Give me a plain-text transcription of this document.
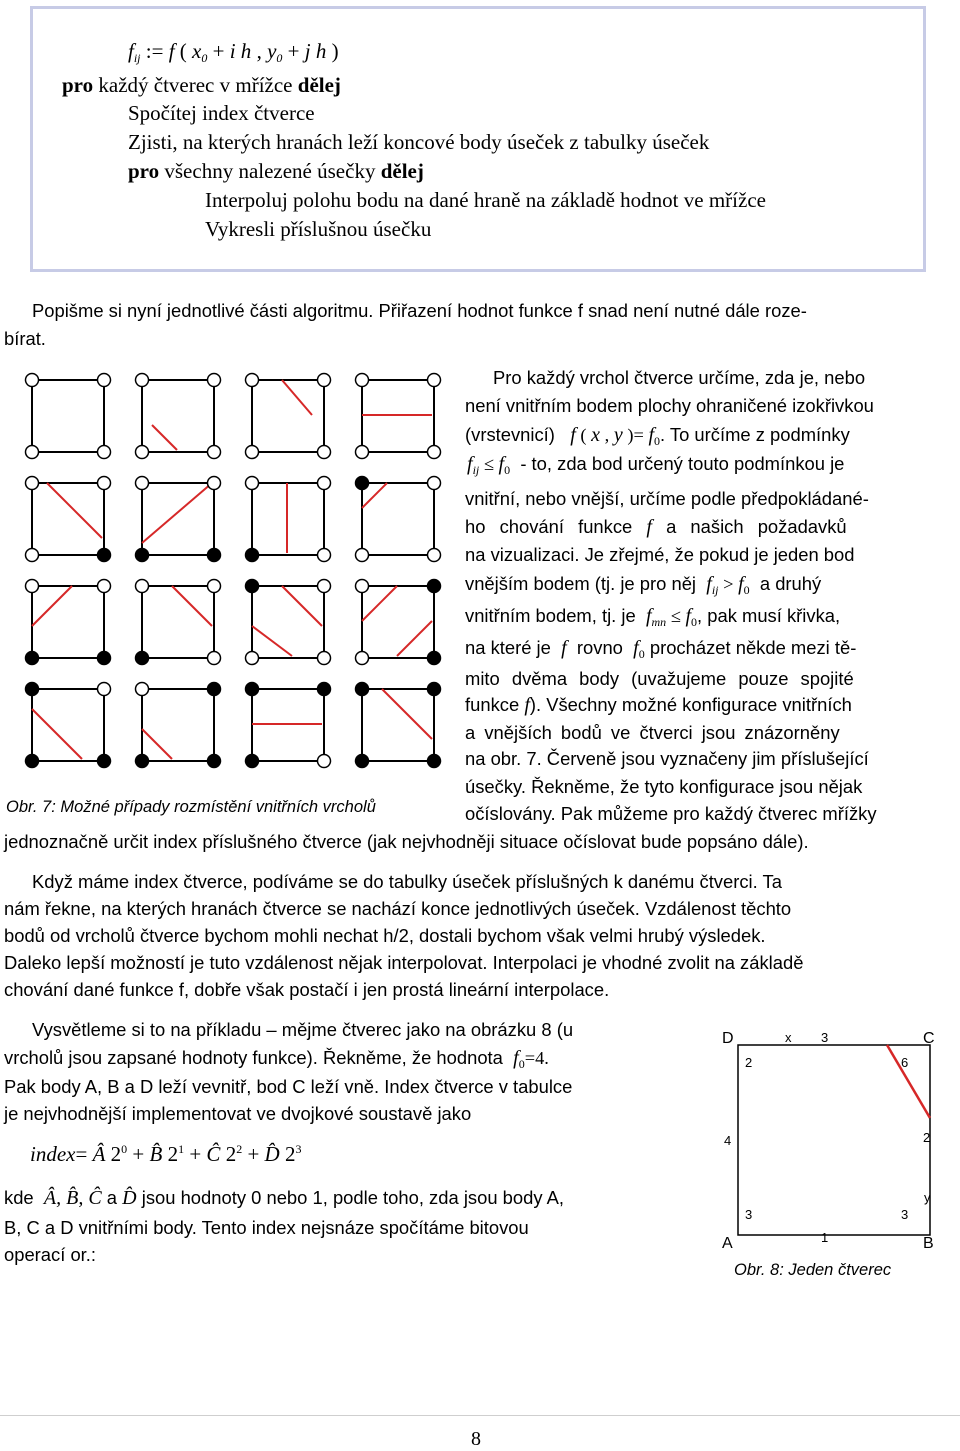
$f_{ij}$ := f ( $x_0 + i$ h , $y_0 + j$ h )
pro každý čtverec v mřížce dělej
Spočítej index čtverce
Zjisti, na kterých hranách leží koncové body úseček z tabulky úseček
pro všechny nalezené úsečky dělej
Interpoluj polohu bodu na dané hraně na základě hodnot ve mřížce
Vykresli příslušnou úsečku
Popišme si nyní jednotlivé části algoritmu. Přiřazení hodnot funkce f snad není nutné dále roze-
bírat.
Obr. 7: Možné případy rozmístění vnitřních vrcholů
Pro každý vrchol čtverce určíme, zda je, nebo
není vnitřním bodem plochy ohraničené izokřivkou
(vrstevnicí) f ( x , y )= $f_0$. To určíme z podmínky
$f_{ij} \le f_0$ - to, zda bod určený touto podmínkou je
vnitřní, nebo vnější, určíme podle předpokládané-
ho chování funkce f a našich požadavků
na vizualizaci. Je zřejmé, že pokud je jeden bod
vnějším bodem (tj. je pro něj $f_{ij} > f_0$ a druhý
vnitřním bodem, tj. je $f_{mn} \le f_0$, pak musí křivka,
na které je f rovno $f_0$ procházet někde mezi tě-
mito dvěma body (uvažujeme pouze spojité
funkce f). Všechny možné konfigurace vnitřních
a vnějších bodů ve čtverci jsou znázorněny
na obr. 7. Červeně jsou vyznačeny jim příslušející
úsečky. Řekněme, že tyto konfigurace jsou nějak
očíslovány. Pak můžeme pro každý čtverec mřížky
jednoznačně určit index příslušného čtverce (jak nejvhodněji situace očíslovat bude popsáno dále).
Když máme index čtverce, podíváme se do tabulky úseček příslušných k danému čtverci. Ta
nám řekne, na kterých hranách čtverce se nachází konce jednotlivých úseček. Vzdálenost těchto
bodů od vrcholů čtverce bychom mohli nechat h/2, dostali bychom však velmi hrubý výsledek.
Daleko lepší možností je tuto vzdálenost nějak interpolovat. Interpolaci je vhodné zvolit na základě
chování dané funkce f, dobře však postačí i jen prostá lineární interpolace.
Vysvětleme si to na příkladu – mějme čtverec jako na obrázku 8 (u
vrcholů jsou zapsané hodnoty funkce). Řekněme, že hodnota $f_0=4$.
Pak body A, B a D leží vevnitř, bod C leží vně. Index čtverce v tabulce
je nejvhodnější implementovat ve dvojkové soustavě jako
index= Â $2^0$ + B̂ $2^1$ + Ĉ $2^2$ + D̂ $2^3$
kde Â, B̂, Ĉ a D̂ jsou hodnoty 0 nebo 1, podle toho, zda jsou body A,
B, C a D vnitřními body. Tento index nejsnáze spočítáme bitovou
operací or.:
D	C
A	B
x
y
3
1
4	2
2	6
3	3
Obr. 8: Jeden čtverec
8
